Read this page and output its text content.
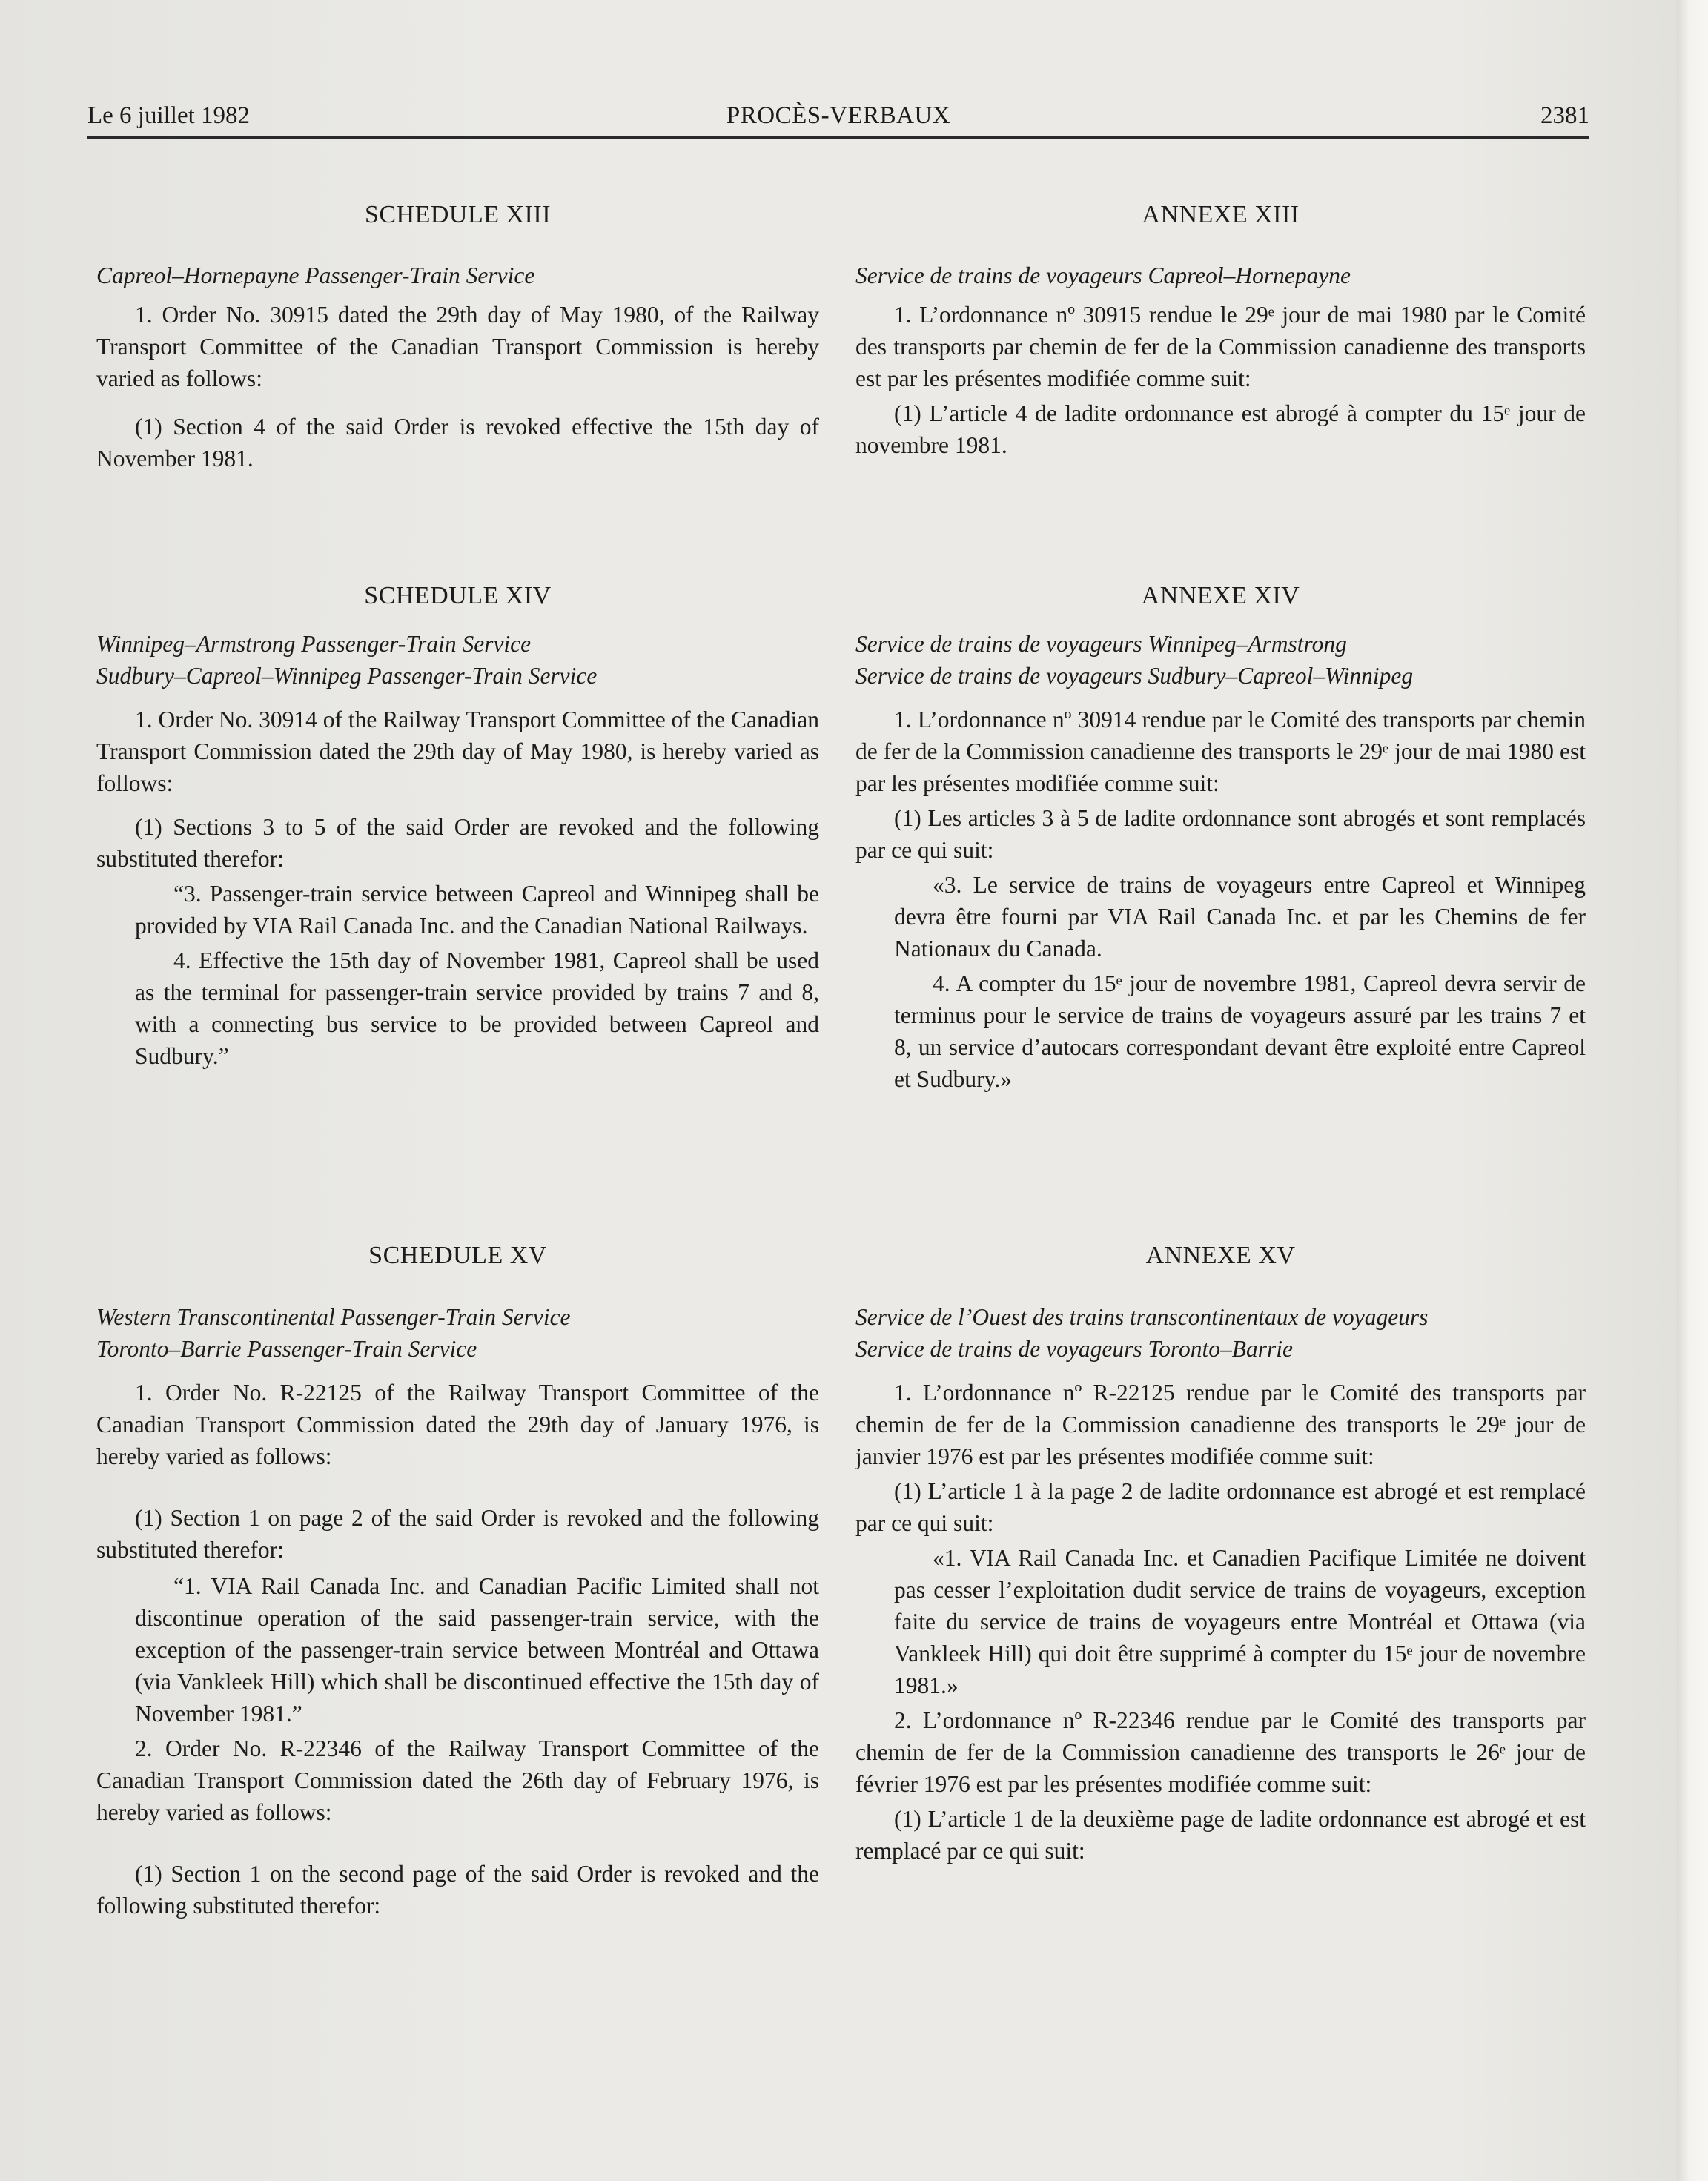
Le 6 juillet 1982	PROCÈS-VERBAUX	2381
SCHEDULE XIII
Capreol–Hornepayne Passenger-Train Service
1. Order No. 30915 dated the 29th day of May 1980, of the Railway Transport Committee of the Canadian Transport Commission is hereby varied as follows:
(1) Section 4 of the said Order is revoked effective the 15th day of November 1981.
SCHEDULE XIV
Winnipeg–Armstrong Passenger-Train Service
Sudbury–Capreol–Winnipeg Passenger-Train Service
1. Order No. 30914 of the Railway Transport Committee of the Canadian Transport Commission dated the 29th day of May 1980, is hereby varied as follows:
(1) Sections 3 to 5 of the said Order are revoked and the following substituted therefor:
“3. Passenger-train service between Capreol and Winnipeg shall be provided by VIA Rail Canada Inc. and the Canadian National Railways.
4. Effective the 15th day of November 1981, Capreol shall be used as the terminal for passenger-train service provided by trains 7 and 8, with a connecting bus service to be provided between Capreol and Sudbury.”
SCHEDULE XV
Western Transcontinental Passenger-Train Service
Toronto–Barrie Passenger-Train Service
1. Order No. R-22125 of the Railway Transport Committee of the Canadian Transport Commission dated the 29th day of January 1976, is hereby varied as follows:
(1) Section 1 on page 2 of the said Order is revoked and the following substituted therefor:
“1. VIA Rail Canada Inc. and Canadian Pacific Limited shall not discontinue operation of the said passenger-train service, with the exception of the passenger-train service between Montréal and Ottawa (via Vankleek Hill) which shall be discontinued effective the 15th day of November 1981.”
2. Order No. R-22346 of the Railway Transport Committee of the Canadian Transport Commission dated the 26th day of February 1976, is hereby varied as follows:
(1) Section 1 on the second page of the said Order is revoked and the following substituted therefor:
ANNEXE XIII
Service de trains de voyageurs Capreol–Hornepayne
1. L’ordonnance nº 30915 rendue le 29ᵉ jour de mai 1980 par le Comité des transports par chemin de fer de la Commission canadienne des transports est par les présentes modifiée comme suit:
(1) L’article 4 de ladite ordonnance est abrogé à compter du 15ᵉ jour de novembre 1981.
ANNEXE XIV
Service de trains de voyageurs Winnipeg–Armstrong
Service de trains de voyageurs Sudbury–Capreol–Winnipeg
1. L’ordonnance nº 30914 rendue par le Comité des transports par chemin de fer de la Commission canadienne des transports le 29ᵉ jour de mai 1980 est par les présentes modifiée comme suit:
(1) Les articles 3 à 5 de ladite ordonnance sont abrogés et sont remplacés par ce qui suit:
«3. Le service de trains de voyageurs entre Capreol et Winnipeg devra être fourni par VIA Rail Canada Inc. et par les Chemins de fer Nationaux du Canada.
4. A compter du 15ᵉ jour de novembre 1981, Capreol devra servir de terminus pour le service de trains de voyageurs assuré par les trains 7 et 8, un service d’autocars correspondant devant être exploité entre Capreol et Sudbury.»
ANNEXE XV
Service de l’Ouest des trains transcontinentaux de voyageurs
Service de trains de voyageurs Toronto–Barrie
1. L’ordonnance nº R-22125 rendue par le Comité des transports par chemin de fer de la Commission canadienne des transports le 29ᵉ jour de janvier 1976 est par les présentes modifiée comme suit:
(1) L’article 1 à la page 2 de ladite ordonnance est abrogé et est remplacé par ce qui suit:
«1. VIA Rail Canada Inc. et Canadien Pacifique Limitée ne doivent pas cesser l’exploitation dudit service de trains de voyageurs, exception faite du service de trains de voyageurs entre Montréal et Ottawa (via Vankleek Hill) qui doit être supprimé à compter du 15ᵉ jour de novembre 1981.»
2. L’ordonnance nº R-22346 rendue par le Comité des transports par chemin de fer de la Commission canadienne des transports le 26ᵉ jour de février 1976 est par les présentes modifiée comme suit:
(1) L’article 1 de la deuxième page de ladite ordonnance est abrogé et est remplacé par ce qui suit:
